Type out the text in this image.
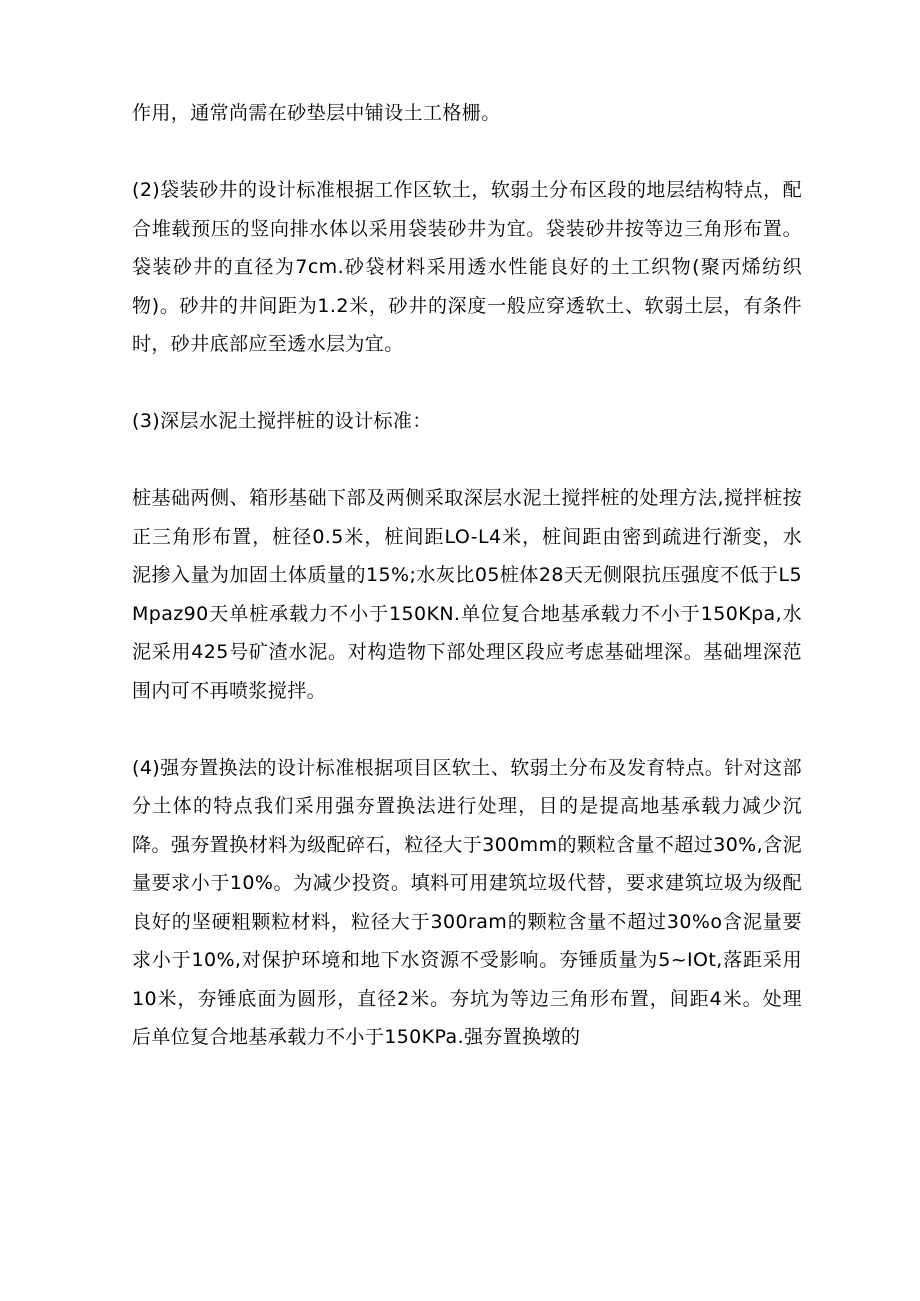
作用，通常尚需在砂垫层中铺设土工格栅。

(2)袋装砂井的设计标准根据工作区软土，软弱土分布区段的地层结构特点，配合堆载预压的竖向排水体以采用袋装砂井为宜。袋装砂井按等边三角形布置。袋装砂井的直径为7cm.砂袋材料采用透水性能良好的土工织物(聚丙烯纺织物)。砂井的井间距为1.2米，砂井的深度一般应穿透软土、软弱土层，有条件时，砂井底部应至透水层为宜。

(3)深层水泥土搅拌桩的设计标准：

桩基础两侧、箱形基础下部及两侧采取深层水泥土搅拌桩的处理方法,搅拌桩按正三角形布置，桩径0.5米，桩间距LO-L4米，桩间距由密到疏进行渐变，水泥掺入量为加固土体质量的15%;水灰比05桩体28天无侧限抗压强度不低于L5Mpaz90天单桩承载力不小于150KN.单位复合地基承载力不小于150Kpa,水泥采用425号矿渣水泥。对构造物下部处理区段应考虑基础埋深。基础埋深范围内可不再喷浆搅拌。

(4)强夯置换法的设计标准根据项目区软土、软弱土分布及发育特点。针对这部分土体的特点我们采用强夯置换法进行处理，目的是提高地基承载力减少沉降。强夯置换材料为级配碎石，粒径大于300mm的颗粒含量不超过30%,含泥量要求小于10%。为减少投资。填料可用建筑垃圾代替，要求建筑垃圾为级配良好的坚硬粗颗粒材料，粒径大于300ram的颗粒含量不超过30%o含泥量要求小于10%,对保护环境和地下水资源不受影响。夯锤质量为5~IOt,落距采用10米，夯锤底面为圆形，直径2米。夯坑为等边三角形布置，间距4米。处理后单位复合地基承载力不小于150KPa.强夯置换墩的
